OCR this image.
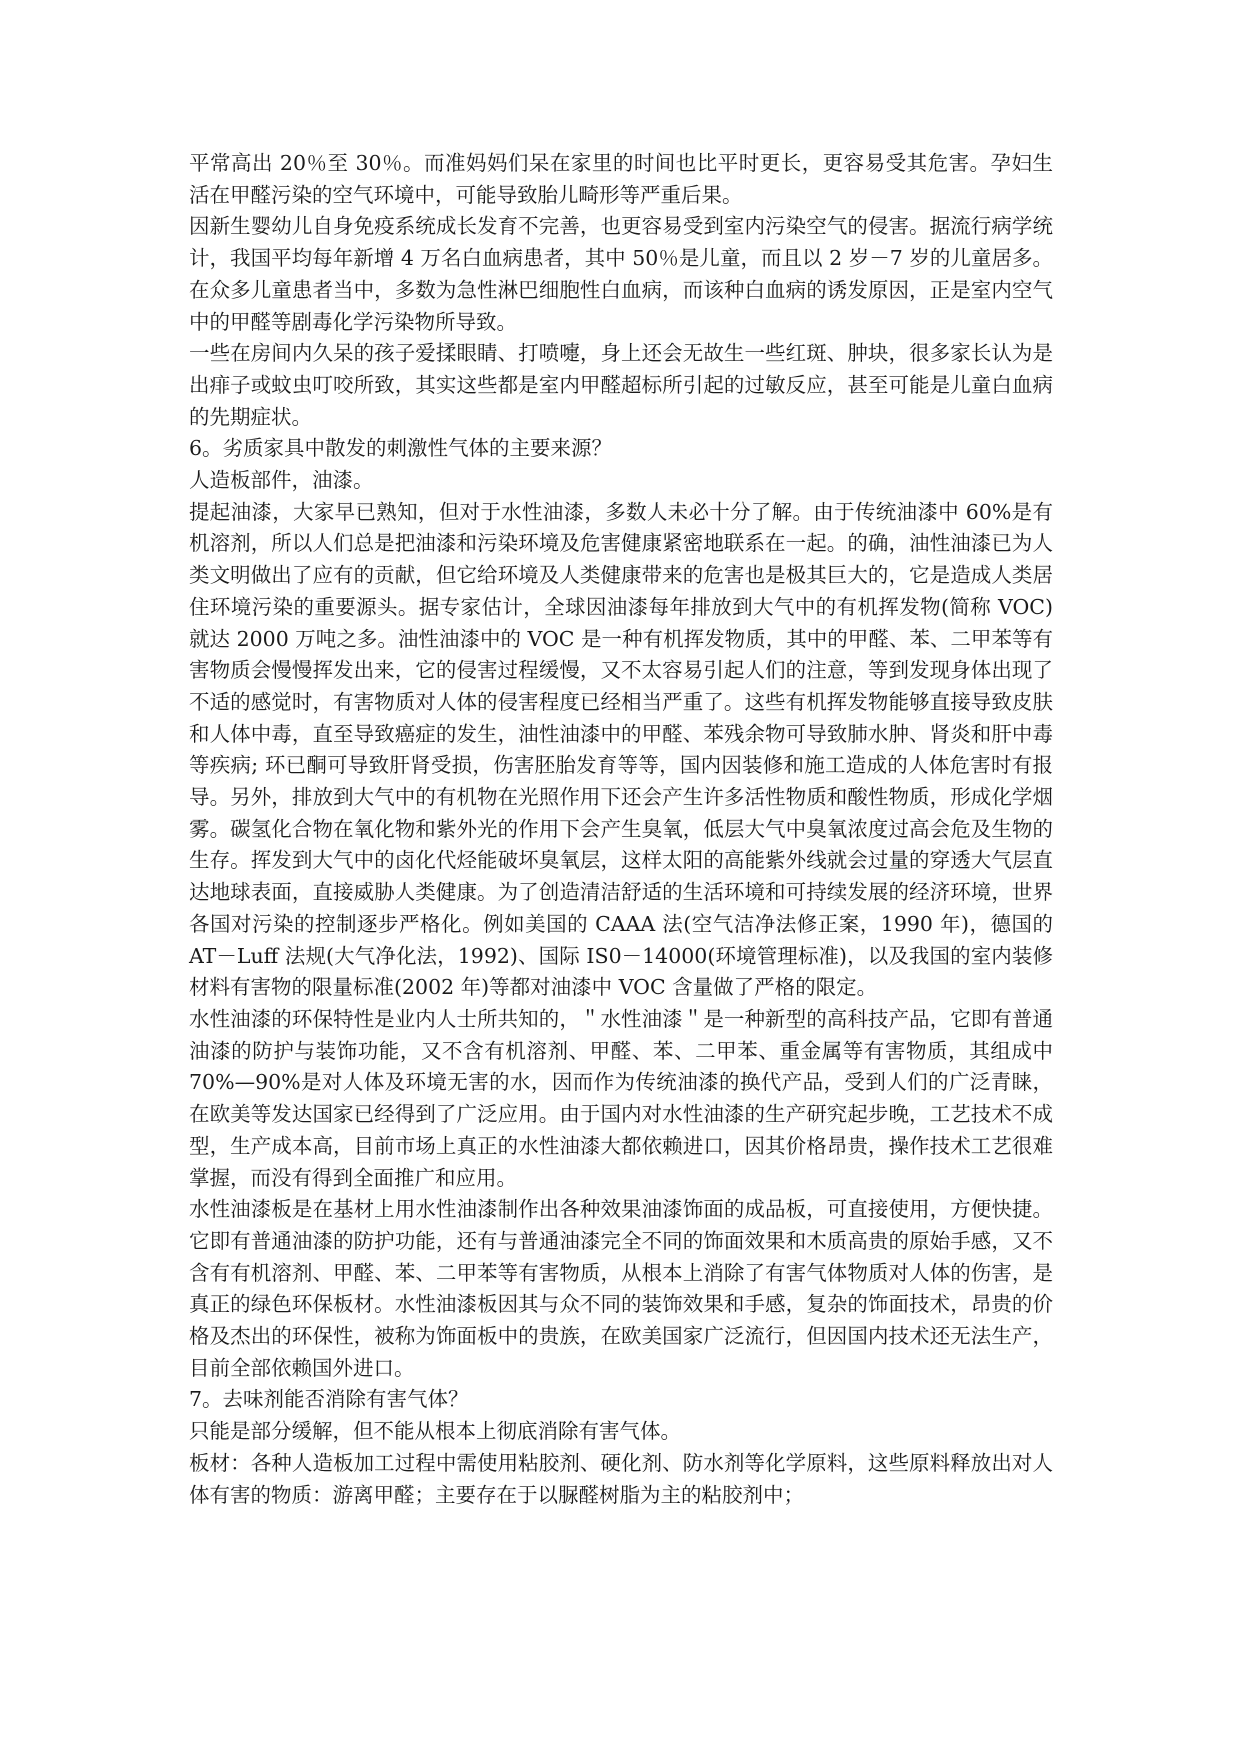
平常高出 20％至 30％。而准妈妈们呆在家里的时间也比平时更长，更容易受其危害。孕妇生活在甲醛污染的空气环境中，可能导致胎儿畸形等严重后果。

因新生婴幼儿自身免疫系统成长发育不完善，也更容易受到室内污染空气的侵害。据流行病学统计，我国平均每年新增 4 万名白血病患者，其中 50％是儿童，而且以 2 岁－7 岁的儿童居多。在众多儿童患者当中，多数为急性淋巴细胞性白血病，而该种白血病的诱发原因，正是室内空气中的甲醛等剧毒化学污染物所导致。

一些在房间内久呆的孩子爱揉眼睛、打喷嚏，身上还会无故生一些红斑、肿块，很多家长认为是出痱子或蚊虫叮咬所致，其实这些都是室内甲醛超标所引起的过敏反应，甚至可能是儿童白血病的先期症状。

6。劣质家具中散发的刺激性气体的主要来源？

人造板部件，油漆。

提起油漆，大家早已熟知，但对于水性油漆，多数人未必十分了解。由于传统油漆中 60%是有机溶剂，所以人们总是把油漆和污染环境及危害健康紧密地联系在一起。的确，油性油漆已为人类文明做出了应有的贡献，但它给环境及人类健康带来的危害也是极其巨大的，它是造成人类居住环境污染的重要源头。据专家估计，全球因油漆每年排放到大气中的有机挥发物(简称 VOC)就达 2000 万吨之多。油性油漆中的 VOC 是一种有机挥发物质，其中的甲醛、苯、二甲苯等有害物质会慢慢挥发出来，它的侵害过程缓慢，又不太容易引起人们的注意，等到发现身体出现了不适的感觉时，有害物质对人体的侵害程度已经相当严重了。这些有机挥发物能够直接导致皮肤和人体中毒，直至导致癌症的发生，油性油漆中的甲醛、苯残余物可导致肺水肿、肾炎和肝中毒等疾病; 环已酮可导致肝肾受损，伤害胚胎发育等等，国内因装修和施工造成的人体危害时有报导。另外，排放到大气中的有机物在光照作用下还会产生许多活性物质和酸性物质，形成化学烟雾。碳氢化合物在氧化物和紫外光的作用下会产生臭氧，低层大气中臭氧浓度过高会危及生物的生存。挥发到大气中的卤化代烃能破坏臭氧层，这样太阳的高能紫外线就会过量的穿透大气层直达地球表面，直接威胁人类健康。为了创造清洁舒适的生活环境和可持续发展的经济环境，世界各国对污染的控制逐步严格化。例如美国的 CAAA 法(空气洁净法修正案，1990 年)，德国的 AT－Luff 法规(大气净化法，1992)、国际 IS0－14000(环境管理标准)，以及我国的室内装修材料有害物的限量标准(2002 年)等都对油漆中 VOC 含量做了严格的限定。

水性油漆的环保特性是业内人士所共知的，＂水性油漆＂是一种新型的高科技产品，它即有普通油漆的防护与装饰功能，又不含有机溶剂、甲醛、苯、二甲苯、重金属等有害物质，其组成中 70%—90%是对人体及环境无害的水，因而作为传统油漆的换代产品，受到人们的广泛青睐，在欧美等发达国家已经得到了广泛应用。由于国内对水性油漆的生产研究起步晚，工艺技术不成型，生产成本高，目前市场上真正的水性油漆大都依赖进口，因其价格昂贵，操作技术工艺很难掌握，而没有得到全面推广和应用。

水性油漆板是在基材上用水性油漆制作出各种效果油漆饰面的成品板，可直接使用，方便快捷。它即有普通油漆的防护功能，还有与普通油漆完全不同的饰面效果和木质高贵的原始手感，又不含有有机溶剂、甲醛、苯、二甲苯等有害物质，从根本上消除了有害气体物质对人体的伤害，是真正的绿色环保板材。水性油漆板因其与众不同的装饰效果和手感，复杂的饰面技术，昂贵的价格及杰出的环保性，被称为饰面板中的贵族，在欧美国家广泛流行，但因国内技术还无法生产，目前全部依赖国外进口。

7。去味剂能否消除有害气体？

只能是部分缓解，但不能从根本上彻底消除有害气体。

板材：各种人造板加工过程中需使用粘胶剂、硬化剂、防水剂等化学原料，这些原料释放出对人体有害的物质：游离甲醛；主要存在于以脲醛树脂为主的粘胶剂中；
